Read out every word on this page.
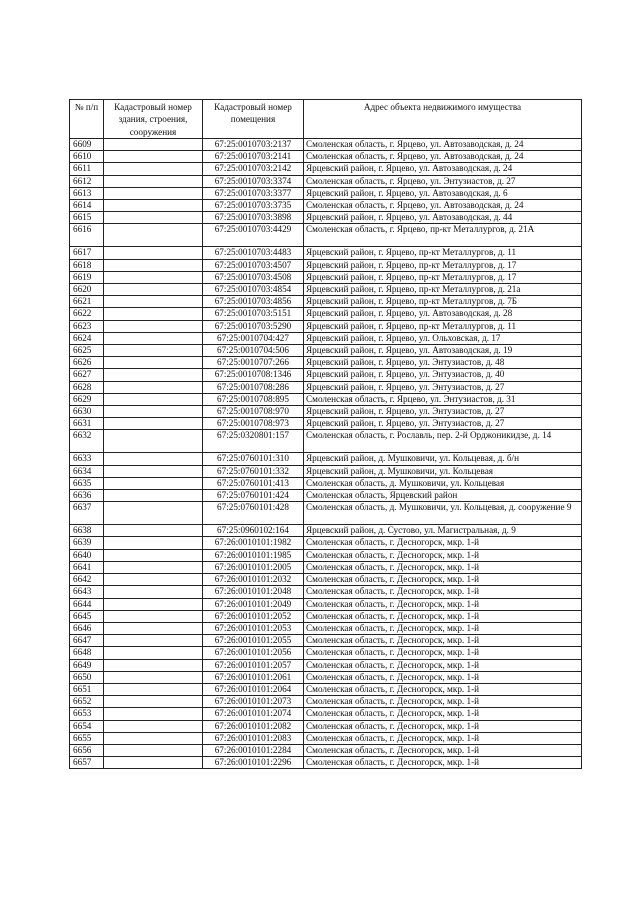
№ п/п	Кадастровый номер здания, строения, сооружения	Кадастровый номер помещения	Адрес объекта недвижимого имущества
6609		67:25:0010703:2137	Смоленская область, г. Ярцево, ул. Автозаводская, д. 24
6610		67:25:0010703:2141	Смоленская область, г. Ярцево, ул. Автозаводская, д. 24
6611		67:25:0010703:2142	Ярцевский район, г. Ярцево, ул. Автозаводская, д. 24
6612		67:25:0010703:3374	Смоленская область, г. Ярцево, ул. Энтузиастов, д. 27
6613		67:25:0010703:3377	Ярцевский район, г. Ярцево, ул. Автозаводская, д. 6
6614		67:25:0010703:3735	Смоленская область, г. Ярцево, ул. Автозаводская, д. 24
6615		67:25:0010703:3898	Ярцевский район, г. Ярцево, ул. Автозаводская, д. 44
6616		67:25:0010703:4429	Смоленская область, г. Ярцево, пр-кт Металлургов, д. 21А
6617		67:25:0010703:4483	Ярцевский район, г. Ярцево, пр-кт Металлургов, д. 11
6618		67:25:0010703:4507	Ярцевский район, г. Ярцево, пр-кт Металлургов, д. 17
6619		67:25:0010703:4508	Ярцевский район, г. Ярцево, пр-кт Металлургов, д. 17
6620		67:25:0010703:4854	Ярцевский район, г. Ярцево, пр-кт Металлургов, д. 21а
6621		67:25:0010703:4856	Ярцевский район, г. Ярцево, пр-кт Металлургов, д. 7Б
6622		67:25:0010703:5151	Ярцевский район, г. Ярцево, ул. Автозаводская, д. 28
6623		67:25:0010703:5290	Ярцевский район, г. Ярцево, пр-кт Металлургов, д. 11
6624		67:25:0010704:427	Ярцевский район, г. Ярцево, ул. Ольховская, д. 17
6625		67:25:0010704:506	Ярцевский район, г. Ярцево, ул. Автозаводская, д. 19
6626		67:25:0010707:266	Ярцевский район, г. Ярцево, ул. Энтузиастов, д. 48
6627		67:25:0010708:1346	Ярцевский район, г. Ярцево, ул. Энтузиастов, д. 40
6628		67:25:0010708:286	Ярцевский район, г. Ярцево, ул. Энтузиастов, д. 27
6629		67:25:0010708:895	Смоленская область, г. Ярцево, ул. Энтузиастов, д. 31
6630		67:25:0010708:970	Ярцевский район, г. Ярцево, ул. Энтузиастов, д. 27
6631		67:25:0010708:973	Ярцевский район, г. Ярцево, ул. Энтузиастов, д. 27
6632		67:25:0320801:157	Смоленская область, г. Рославль, пер. 2-й Орджоникидзе, д. 14
6633		67:25:0760101:310	Ярцевский район, д. Мушковичи, ул. Кольцевая, д. б/н
6634		67:25:0760101:332	Ярцевский район, д. Мушковичи, ул. Кольцевая
6635		67:25:0760101:413	Смоленская область, д. Мушковичи, ул. Кольцевая
6636		67:25:0760101:424	Смоленская область, Ярцевский район
6637		67:25:0760101:428	Смоленская область, д. Мушковичи, ул. Кольцевая, д. сооружение 9
6638		67:25:0960102:164	Ярцевский район, д. Сустово, ул. Магистральная, д. 9
6639		67:26:0010101:1982	Смоленская область, г. Десногорск, мкр. 1-й
6640		67:26:0010101:1985	Смоленская область, г. Десногорск, мкр. 1-й
6641		67:26:0010101:2005	Смоленская область, г. Десногорск, мкр. 1-й
6642		67:26:0010101:2032	Смоленская область, г. Десногорск, мкр. 1-й
6643		67:26:0010101:2048	Смоленская область, г. Десногорск, мкр. 1-й
6644		67:26:0010101:2049	Смоленская область, г. Десногорск, мкр. 1-й
6645		67:26:0010101:2052	Смоленская область, г. Десногорск, мкр. 1-й
6646		67:26:0010101:2053	Смоленская область, г. Десногорск, мкр. 1-й
6647		67:26:0010101:2055	Смоленская область, г. Десногорск, мкр. 1-й
6648		67:26:0010101:2056	Смоленская область, г. Десногорск, мкр. 1-й
6649		67:26:0010101:2057	Смоленская область, г. Десногорск, мкр. 1-й
6650		67:26:0010101:2061	Смоленская область, г. Десногорск, мкр. 1-й
6651		67:26:0010101:2064	Смоленская область, г. Десногорск, мкр. 1-й
6652		67:26:0010101:2073	Смоленская область, г. Десногорск, мкр. 1-й
6653		67:26:0010101:2074	Смоленская область, г. Десногорск, мкр. 1-й
6654		67:26:0010101:2082	Смоленская область, г. Десногорск, мкр. 1-й
6655		67:26:0010101:2083	Смоленская область, г. Десногорск, мкр. 1-й
6656		67:26:0010101:2284	Смоленская область, г. Десногорск, мкр. 1-й
6657		67:26:0010101:2296	Смоленская область, г. Десногорск, мкр. 1-й
